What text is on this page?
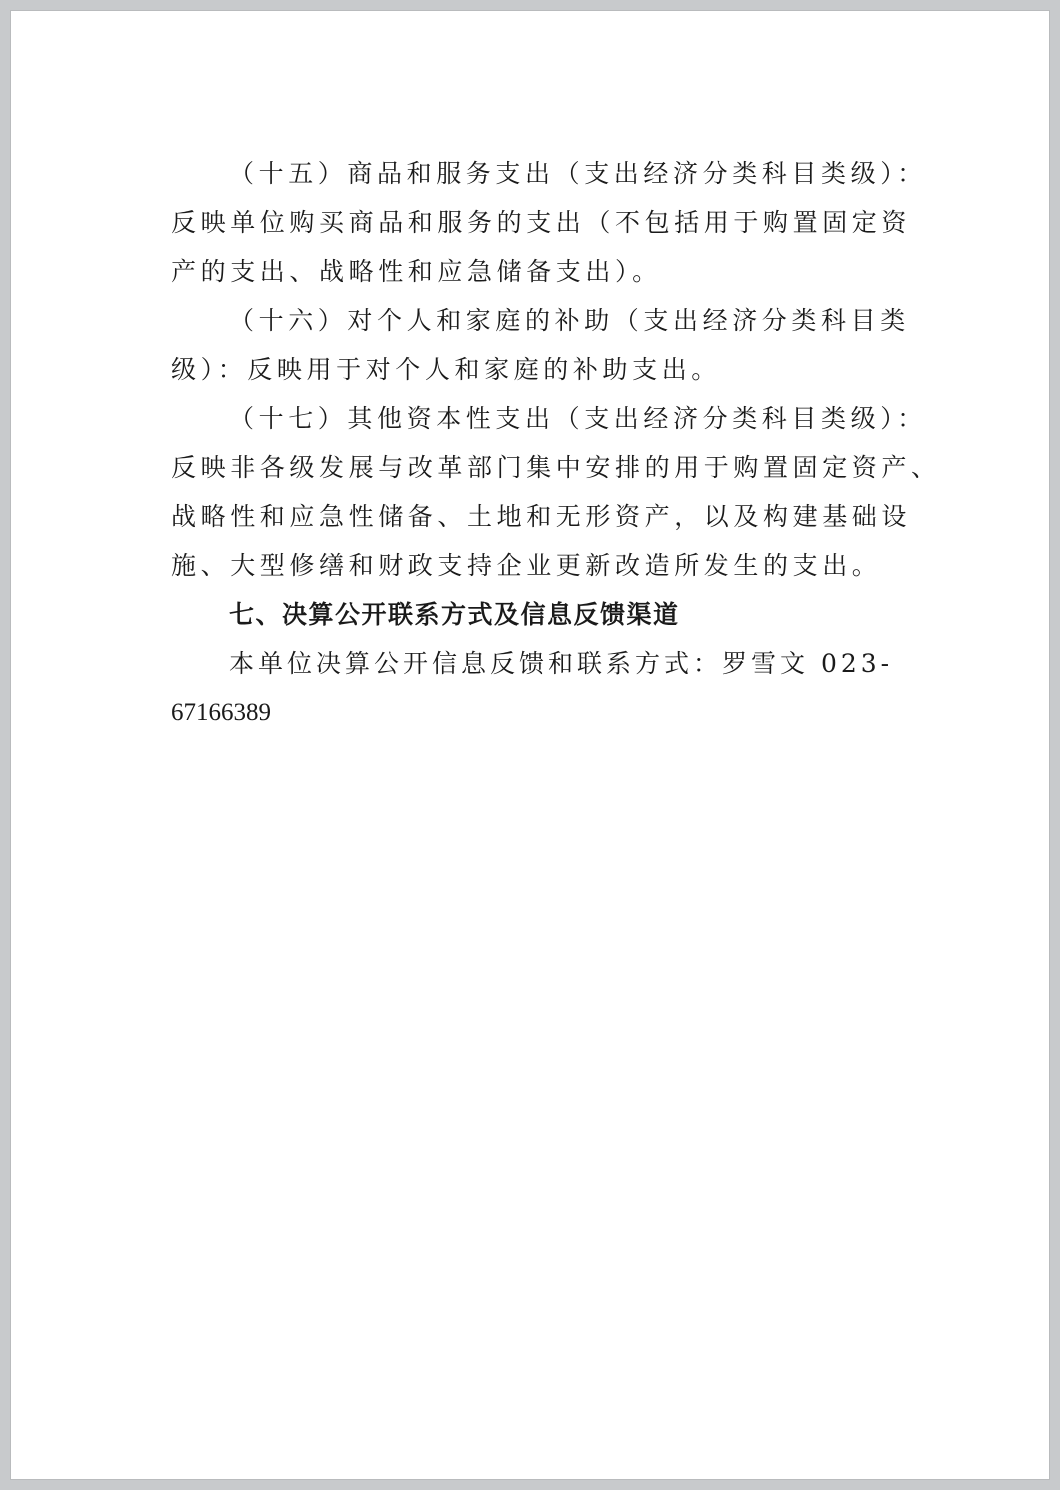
（十五）商品和服务支出（支出经济分类科目类级）：
反映单位购买商品和服务的支出（不包括用于购置固定资
产的支出、战略性和应急储备支出）。
（十六）对个人和家庭的补助（支出经济分类科目类
级）：反映用于对个人和家庭的补助支出。
（十七）其他资本性支出（支出经济分类科目类级）：
反映非各级发展与改革部门集中安排的用于购置固定资产、
战略性和应急性储备、土地和无形资产，以及构建基础设
施、大型修缮和财政支持企业更新改造所发生的支出。
七、决算公开联系方式及信息反馈渠道
本单位决算公开信息反馈和联系方式：罗雪文 023-
67166389
